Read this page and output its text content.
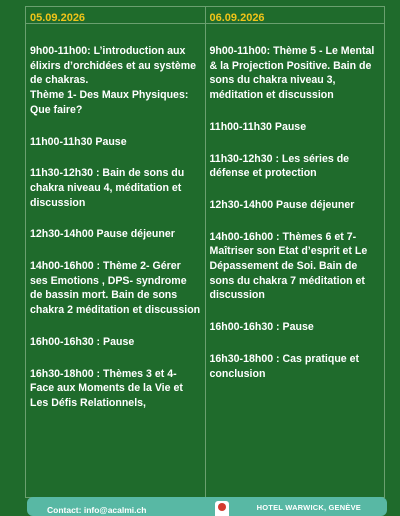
05.09.2026

9h00-11h00: L’introduction aux élixirs d’orchidées et au système de chakras.
Thème 1- Des Maux Physiques: Que faire?

11h00-11h30 Pause

11h30-12h30 : Bain de sons du chakra niveau 4, méditation et discussion

12h30-14h00 Pause déjeuner

14h00-16h00 : Thème 2- Gérer ses Emotions , DPS- syndrome de bassin mort. Bain de sons chakra 2 méditation et discussion

16h00-16h30 : Pause

16h30-18h00 : Thèmes 3 et 4- Face aux Moments de la Vie et Les Défis Relationnels,

06.09.2026

9h00-11h00: Thème 5 - Le Mental & la Projection Positive. Bain de sons du chakra niveau 3, méditation et discussion

11h00-11h30 Pause

11h30-12h30 : Les séries de défense et protection

12h30-14h00 Pause déjeuner

14h00-16h00 : Thèmes 6 et 7- Maîtriser son Etat d’esprit et Le Dépassement de Soi. Bain de sons du chakra 7 méditation et discussion

16h00-16h30 : Pause

16h30-18h00 : Cas pratique et conclusion

Contact: info@acalmi.ch	HOTEL WARWICK, GENÈVE
